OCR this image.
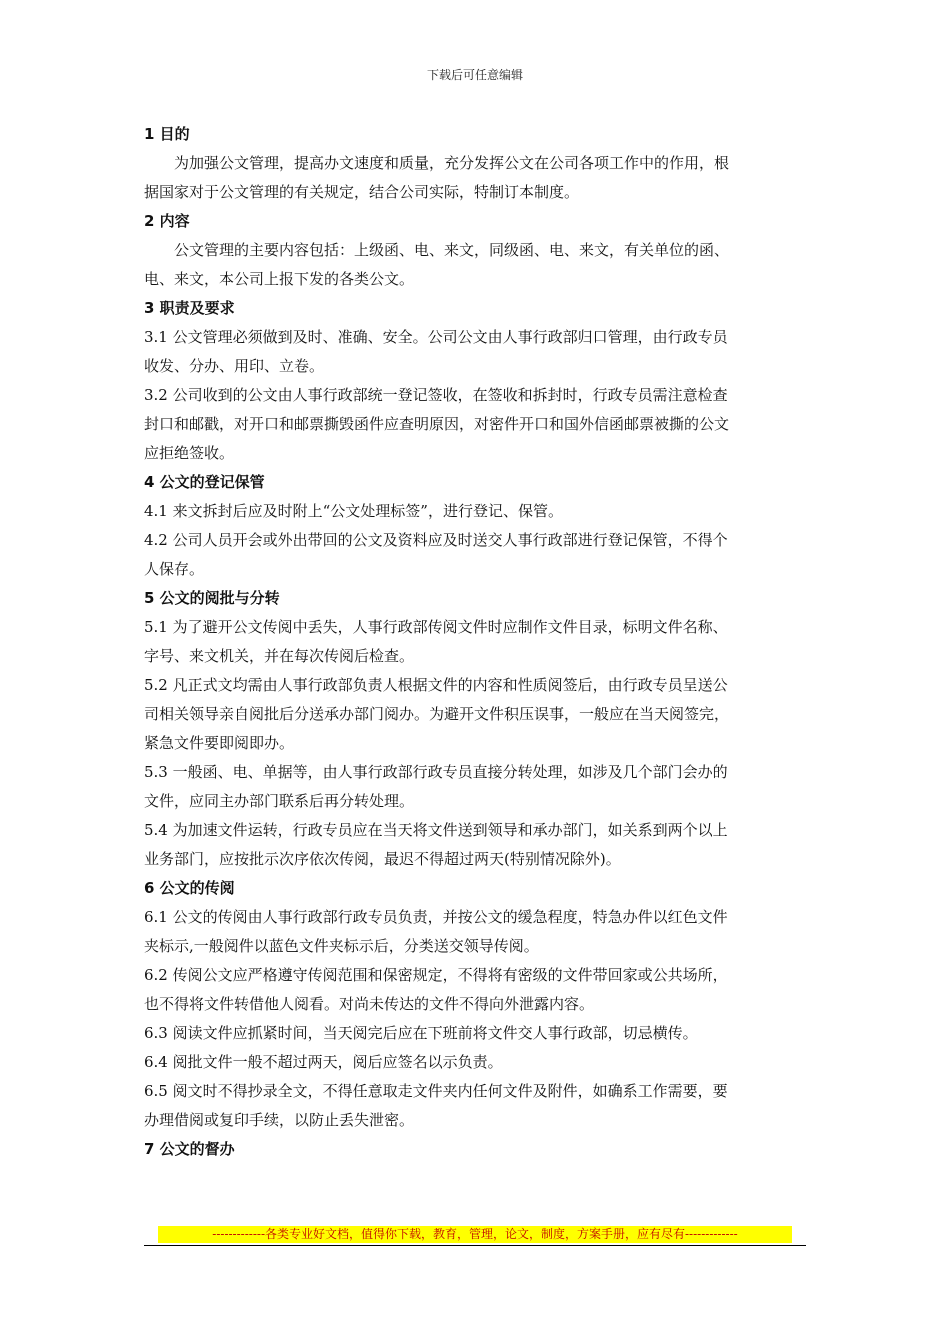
下载后可任意编辑
1 目的
　　为加强公文管理，提高办文速度和质量，充分发挥公文在公司各项工作中的作用，根
据国家对于公文管理的有关规定，结合公司实际，特制订本制度。
2 内容
　　公文管理的主要内容包括：上级函、电、来文，同级函、电、来文，有关单位的函、
电、来文，本公司上报下发的各类公文。
3 职责及要求
3.1 公文管理必须做到及时、准确、安全。公司公文由人事行政部归口管理，由行政专员
收发、分办、用印、立卷。
3.2 公司收到的公文由人事行政部统一登记签收，在签收和拆封时，行政专员需注意检查
封口和邮戳，对开口和邮票撕毁函件应查明原因，对密件开口和国外信函邮票被撕的公文
应拒绝签收。
4 公文的登记保管
4.1 来文拆封后应及时附上“公文处理标签”，进行登记、保管。
4.2 公司人员开会或外出带回的公文及资料应及时送交人事行政部进行登记保管，不得个
人保存。
5 公文的阅批与分转
5.1 为了避开公文传阅中丢失，人事行政部传阅文件时应制作文件目录，标明文件名称、
字号、来文机关，并在每次传阅后检查。
5.2 凡正式文均需由人事行政部负责人根据文件的内容和性质阅签后，由行政专员呈送公
司相关领导亲自阅批后分送承办部门阅办。为避开文件积压误事，一般应在当天阅签完，
紧急文件要即阅即办。
5.3 一般函、电、单据等，由人事行政部行政专员直接分转处理，如涉及几个部门会办的
文件，应同主办部门联系后再分转处理。
5.4 为加速文件运转，行政专员应在当天将文件送到领导和承办部门，如关系到两个以上
业务部门，应按批示次序依次传阅，最迟不得超过两天(特别情况除外)。
6 公文的传阅
6.1 公文的传阅由人事行政部行政专员负责，并按公文的缓急程度，特急办件以红色文件
夹标示,一般阅件以蓝色文件夹标示后，分类送交领导传阅。
6.2 传阅公文应严格遵守传阅范围和保密规定，不得将有密级的文件带回家或公共场所，
也不得将文件转借他人阅看。对尚未传达的文件不得向外泄露内容。
6.3 阅读文件应抓紧时间，当天阅完后应在下班前将文件交人事行政部，切忌横传。
6.4 阅批文件一般不超过两天，阅后应签名以示负责。
6.5 阅文时不得抄录全文，不得任意取走文件夹内任何文件及附件，如确系工作需要，要
办理借阅或复印手续，以防止丢失泄密。
7 公文的督办
-------------各类专业好文档，值得你下载，教育，管理，论文，制度，方案手册，应有尽有-------------
